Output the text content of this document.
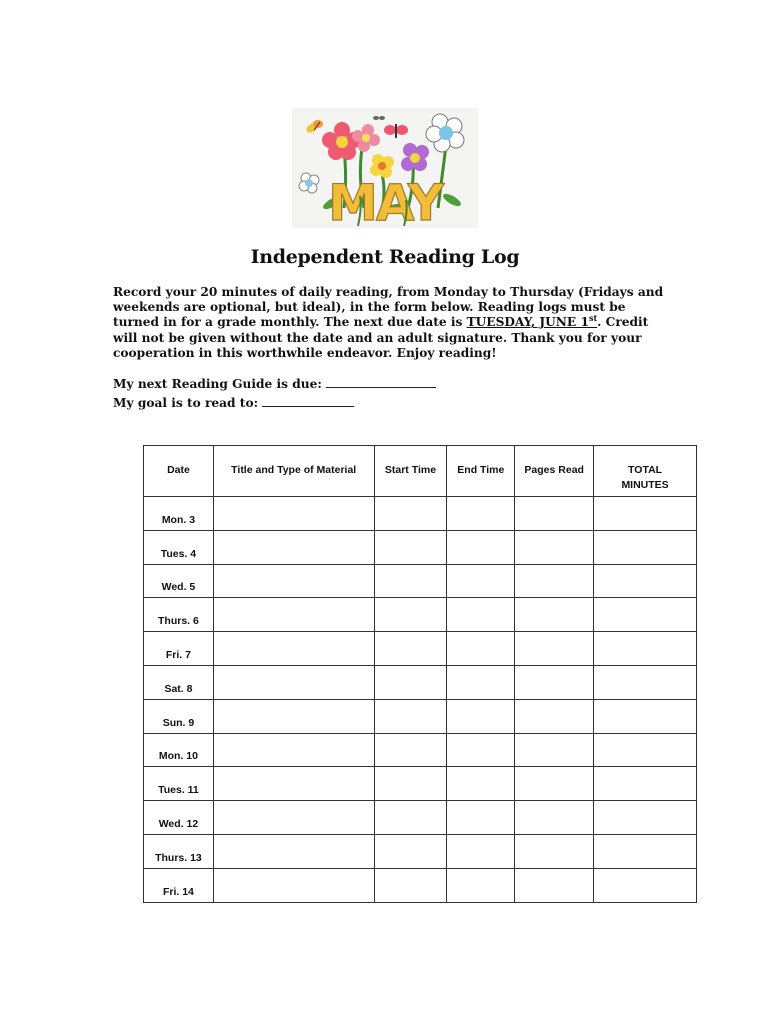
MAY
Independent Reading Log
Record your 20 minutes of daily reading, from Monday to Thursday (Fridays and weekends are optional, but ideal), in the form below. Reading logs must be turned in for a grade monthly. The next due date is TUESDAY, JUNE 1st. Credit will not be given without the date and an adult signature. Thank you for your cooperation in this worthwhile endeavor. Enjoy reading!
My next Reading Guide is due:
My goal is to read to:
Date	Title and Type of Material	Start Time	End Time	Pages Read	TOTAL
MINUTES
Mon. 3					
Tues. 4					
Wed. 5					
Thurs. 6					
Fri. 7					
Sat. 8					
Sun. 9					
Mon. 10					
Tues. 11					
Wed. 12					
Thurs. 13					
Fri. 14					
